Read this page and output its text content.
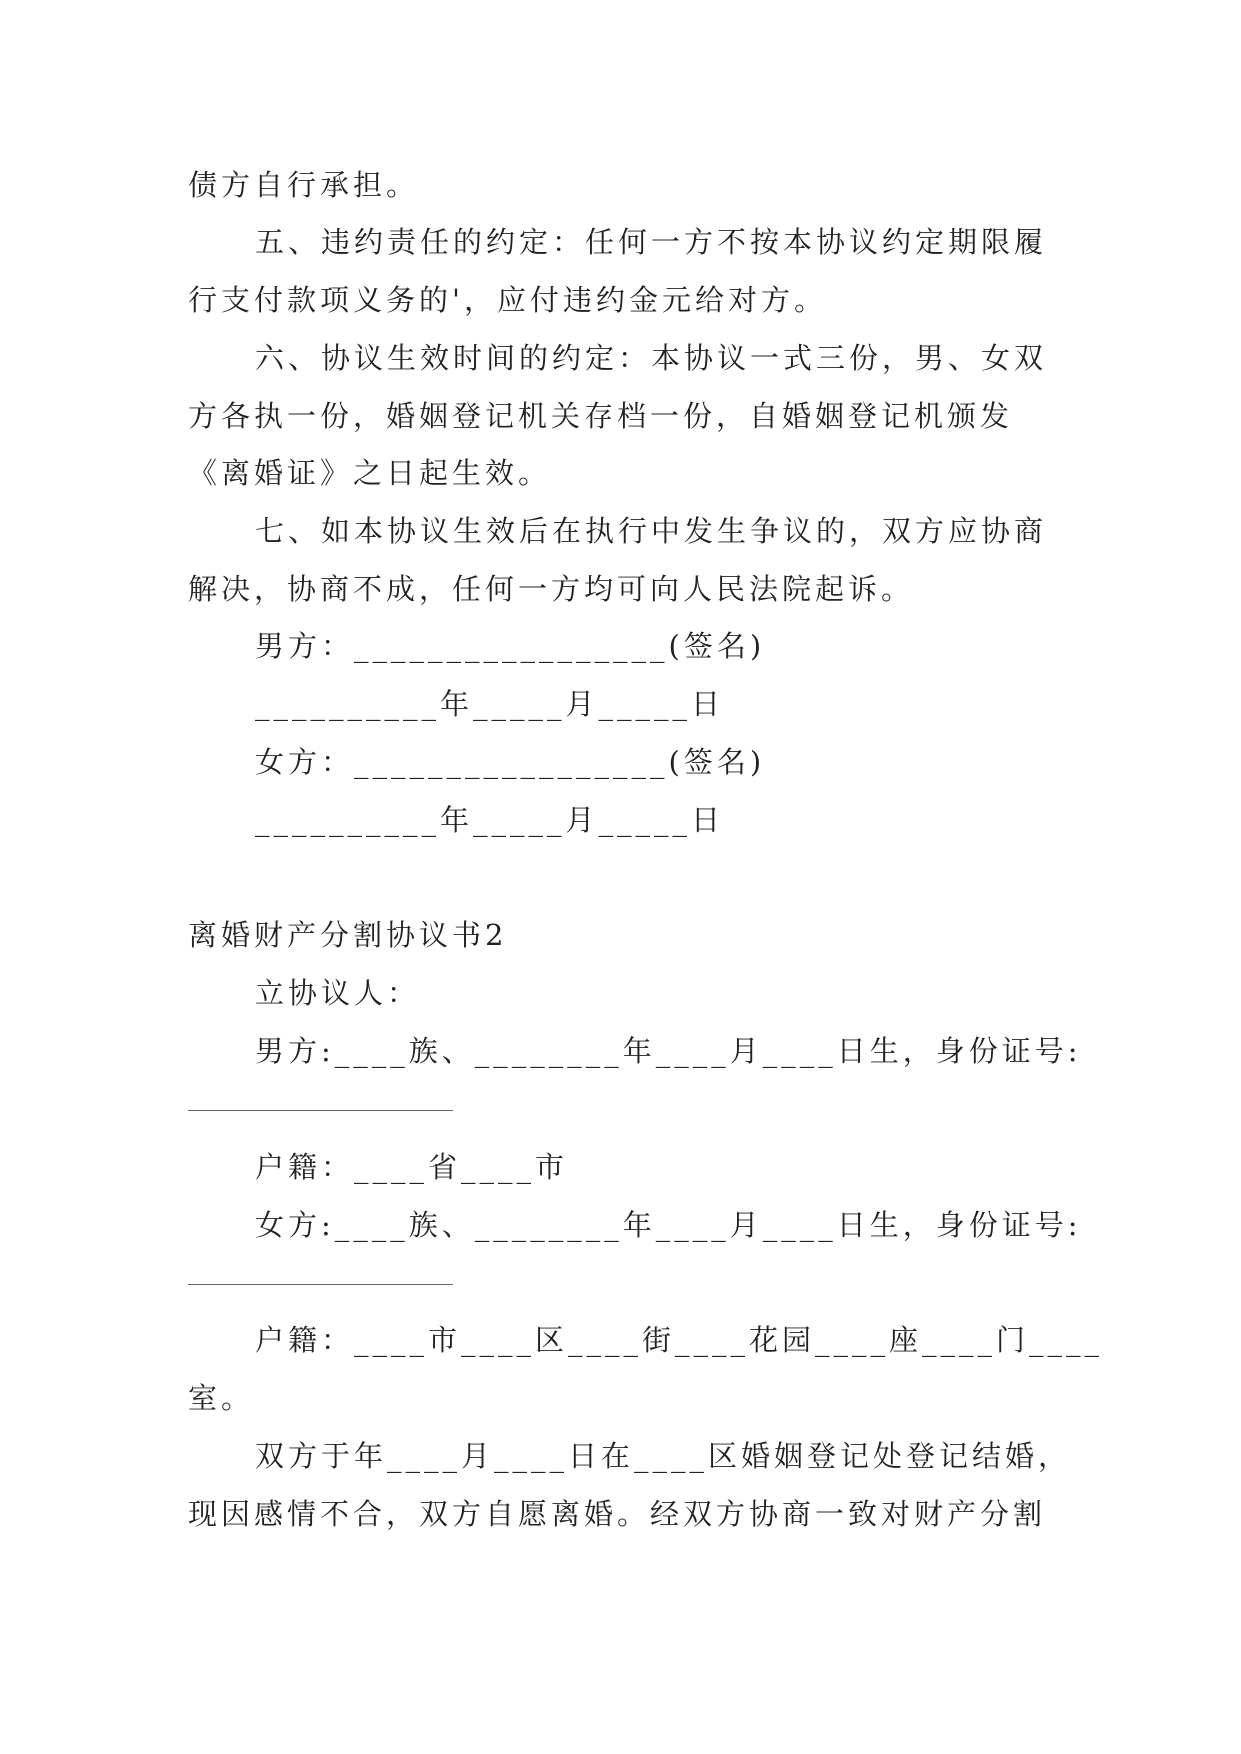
债方自行承担。
五、违约责任的约定：任何一方不按本协议约定期限履
行支付款项义务的'，应付违约金元给对方。
六、协议生效时间的约定：本协议一式三份，男、女双
方各执一份，婚姻登记机关存档一份，自婚姻登记机颁发
《离婚证》之日起生效。
七、如本协议生效后在执行中发生争议的，双方应协商
解决，协商不成，任何一方均可向人民法院起诉。
男方：_________________(签名)
__________年_____月_____日
女方：_________________(签名)
__________年_____月_____日
离婚财产分割协议书2
立协议人：
男方:____族、________年____月____日生，身份证号:
户籍：____省____市
女方:____族、________年____月____日生，身份证号:
户籍：____市____区____街____花园____座____门____
室。
双方于年____月____日在____区婚姻登记处登记结婚，
现因感情不合，双方自愿离婚。经双方协商一致对财产分割
